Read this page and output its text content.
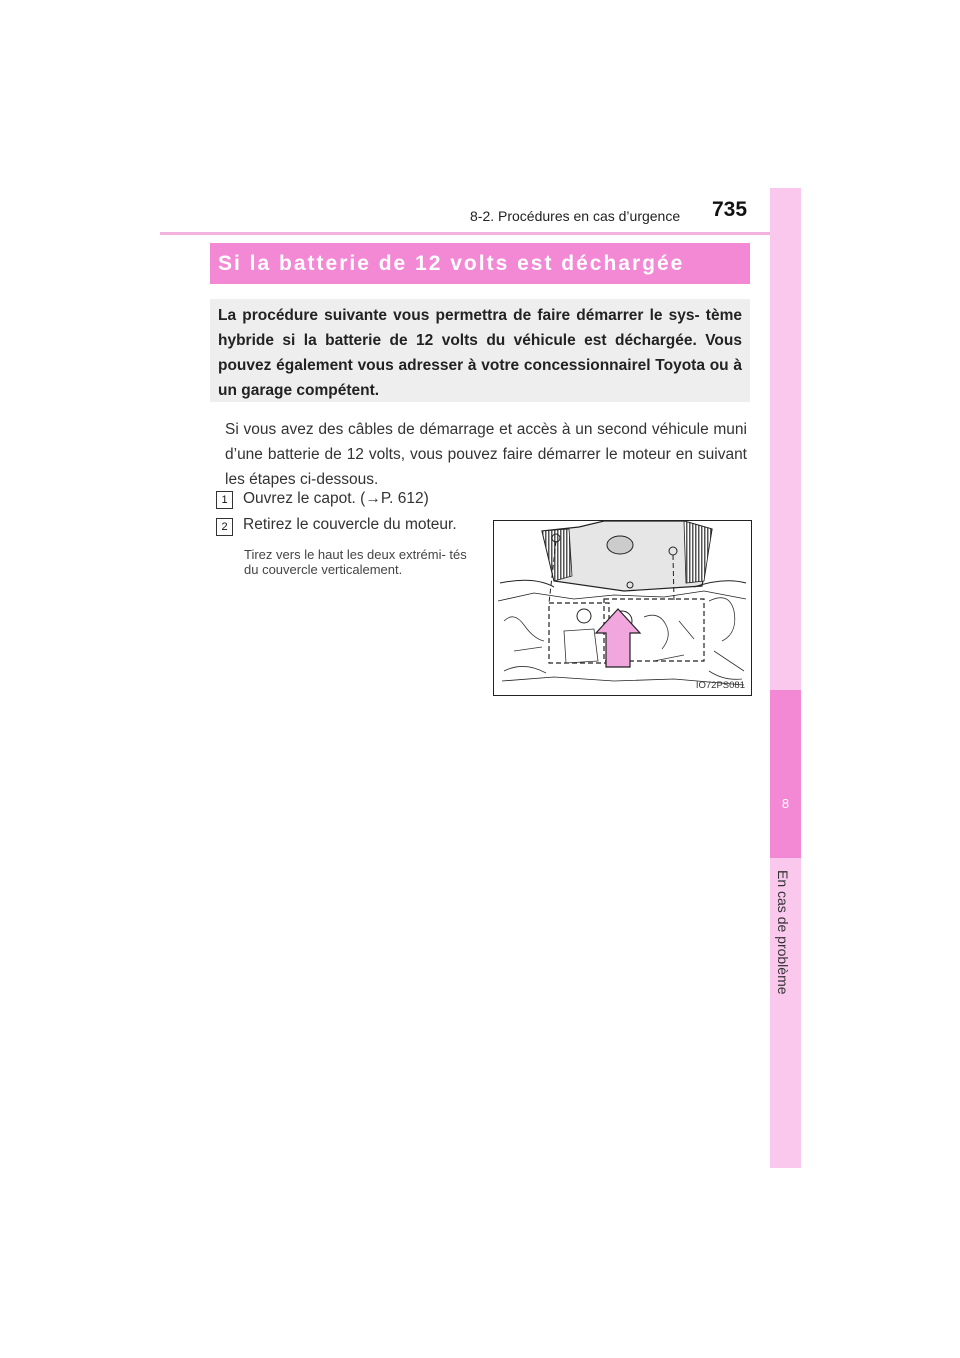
8-2. Procédures en cas d’urgence 735
8
En cas de problème
Si la batterie de 12 volts est déchargée
La procédure suivante vous permettra de faire démarrer le sys- tème hybride si la batterie de 12 volts du véhicule est déchargée. Vous pouvez également vous adresser à votre concessionnairel Toyota ou à un garage compétent.
Si vous avez des câbles de démarrage et accès à un second véhicule muni d’une batterie de 12 volts, vous pouvez faire démarrer le moteur en suivant les étapes ci-dessous.
1 Ouvrez le capot. (→P. 612)
2 Retirez le couvercle du moteur.
Tirez vers le haut les deux extrémi- tés du couvercle verticalement.
IO72PS081
